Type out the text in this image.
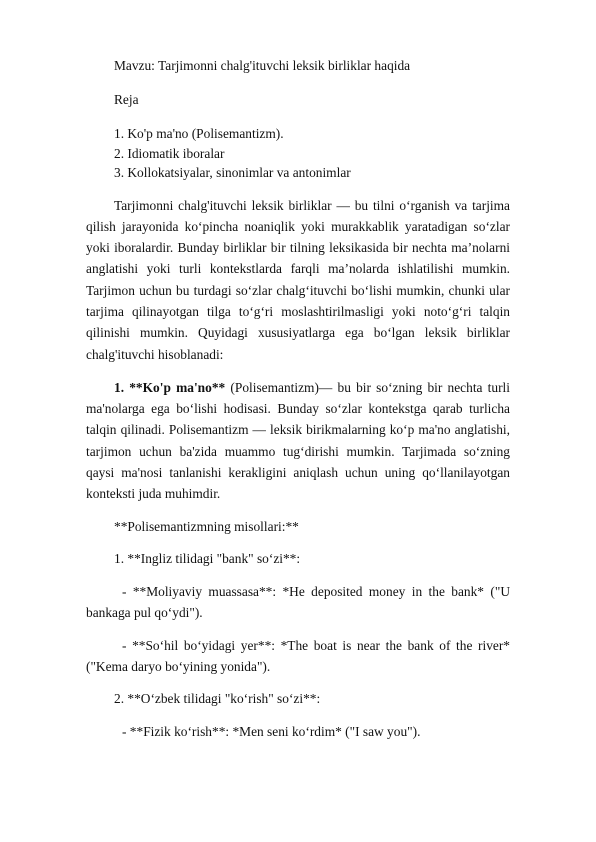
Mavzu: Tarjimonni chalg'ituvchi leksik birliklar haqida

Reja

1. Ko'p ma'no (Polisemantizm).
2. Idiomatik iboralar
3. Kollokatsiyalar, sinonimlar va antonimlar

Tarjimonni chalg'ituvchi leksik birliklar — bu tilni o‘rganish va tarjima qilish jarayonida ko‘pincha noaniqlik yoki murakkablik yaratadigan so‘zlar yoki iboralardir. Bunday birliklar bir tilning leksikasida bir nechta ma’nolarni anglatishi yoki turli kontekstlarda farqli ma’nolarda ishlatilishi mumkin. Tarjimon uchun bu turdagi so‘zlar chalg‘ituvchi bo‘lishi mumkin, chunki ular tarjima qilinayotgan tilga to‘g‘ri moslashtirilmasligi yoki noto‘g‘ri talqin qilinishi mumkin. Quyidagi xususiyatlarga ega bo‘lgan leksik birliklar chalg'ituvchi hisoblanadi:

1. **Ko'p ma'no** (Polisemantizm)— bu bir so‘zning bir nechta turli ma'nolarga ega bo‘lishi hodisasi. Bunday so‘zlar kontekstga qarab turlicha talqin qilinadi. Polisemantizm — leksik birikmalarning ko‘p ma'no anglatishi, tarjimon uchun ba'zida muammo tug‘dirishi mumkin. Tarjimada so‘zning qaysi ma'nosi tanlanishi kerakligini aniqlash uchun uning qo‘llanilayotgan konteksti juda muhimdir.

**Polisemantizmning misollari:**

1. **Ingliz tilidagi "bank" so‘zi**:

- **Moliyaviy muassasa**: *He deposited money in the bank* ("U bankaga pul qo‘ydi").

- **So‘hil bo‘yidagi yer**: *The boat is near the bank of the river* ("Kema daryo bo‘yining yonida").

2. **O‘zbek tilidagi "ko‘rish" so‘zi**:

- **Fizik ko‘rish**: *Men seni ko‘rdim* ("I saw you").
